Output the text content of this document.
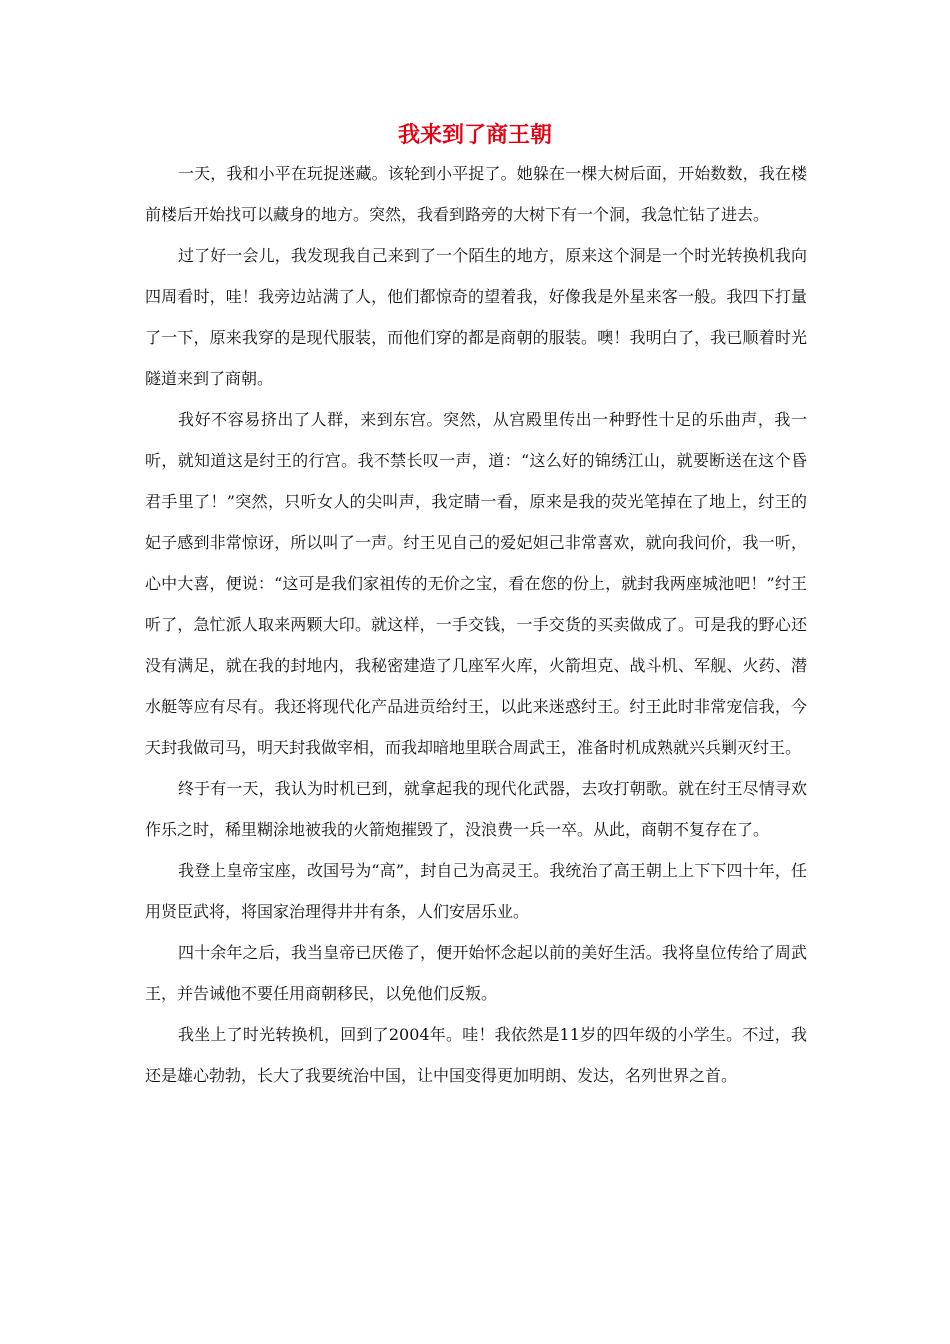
我来到了商王朝

一天，我和小平在玩捉迷藏。该轮到小平捉了。她躲在一棵大树后面，开始数数，我在楼前楼后开始找可以藏身的地方。突然，我看到路旁的大树下有一个洞，我急忙钻了进去。

过了好一会儿，我发现我自己来到了一个陌生的地方，原来这个洞是一个时光转换机我向四周看时，哇！我旁边站满了人，他们都惊奇的望着我，好像我是外星来客一般。我四下打量了一下，原来我穿的是现代服装，而他们穿的都是商朝的服装。噢！我明白了，我已顺着时光隧道来到了商朝。

我好不容易挤出了人群，来到东宫。突然，从宫殿里传出一种野性十足的乐曲声，我一听，就知道这是纣王的行宫。我不禁长叹一声，道：“这么好的锦绣江山，就要断送在这个昏君手里了！”突然，只听女人的尖叫声，我定睛一看，原来是我的荧光笔掉在了地上，纣王的妃子感到非常惊讶，所以叫了一声。纣王见自己的爱妃妲己非常喜欢，就向我问价，我一听，心中大喜，便说：“这可是我们家祖传的无价之宝，看在您的份上，就封我两座城池吧！”纣王听了，急忙派人取来两颗大印。就这样，一手交钱，一手交货的买卖做成了。可是我的野心还没有满足，就在我的封地内，我秘密建造了几座军火库，火箭坦克、战斗机、军舰、火药、潜水艇等应有尽有。我还将现代化产品进贡给纣王，以此来迷惑纣王。纣王此时非常宠信我，今天封我做司马，明天封我做宰相，而我却暗地里联合周武王，准备时机成熟就兴兵剿灭纣王。

终于有一天，我认为时机已到，就拿起我的现代化武器，去攻打朝歌。就在纣王尽情寻欢作乐之时，稀里糊涂地被我的火箭炮摧毁了，没浪费一兵一卒。从此，商朝不复存在了。

我登上皇帝宝座，改国号为“高”，封自己为高灵王。我统治了高王朝上上下下四十年，任用贤臣武将，将国家治理得井井有条，人们安居乐业。

四十余年之后，我当皇帝已厌倦了，便开始怀念起以前的美好生活。我将皇位传给了周武王，并告诫他不要任用商朝移民，以免他们反叛。

我坐上了时光转换机，回到了2004年。哇！我依然是11岁的四年级的小学生。不过，我还是雄心勃勃，长大了我要统治中国，让中国变得更加明朗、发达，名列世界之首。
